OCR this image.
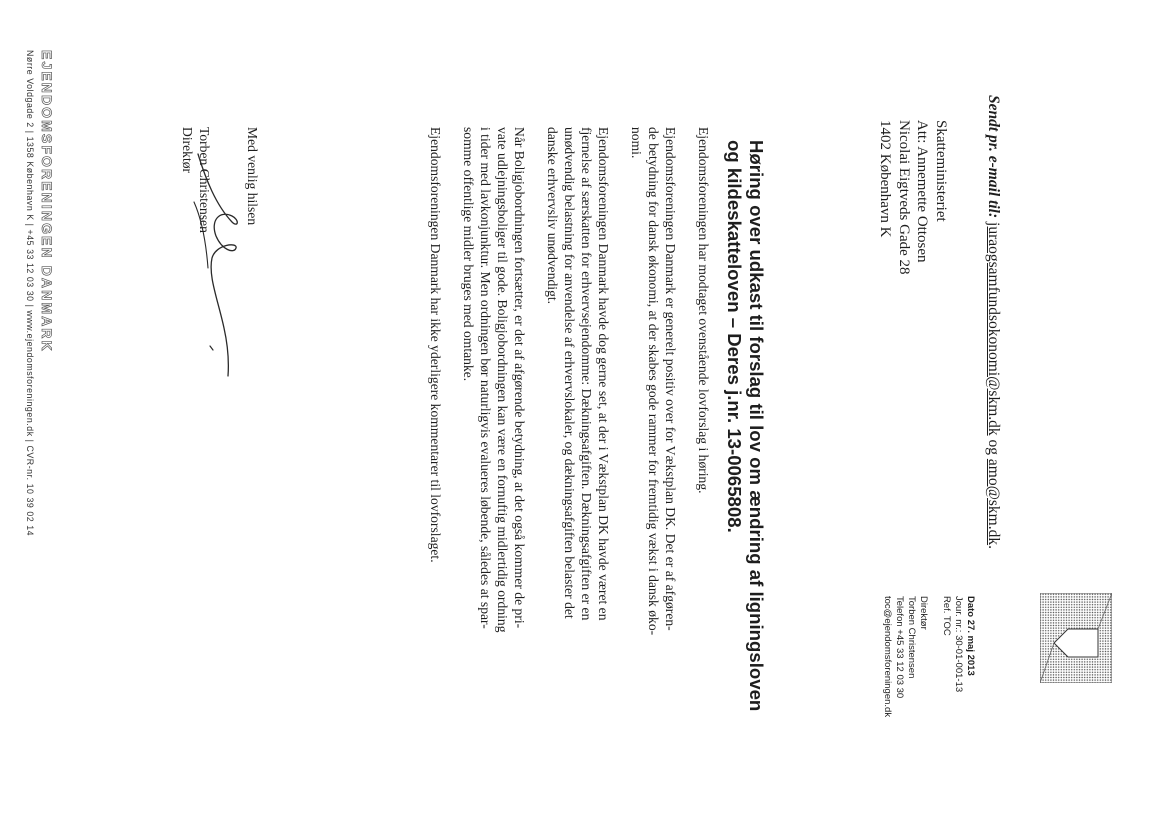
Sendt pr. e-mail til: juraogsamfundsokonomi@skm.dk og amo@skm.dk.
Dato 27. maj 2013
Jour. nr.: 30-01-001-13
Ref. TOC
Direktør
Torben Christensen
Telefon +45 33 12 03 30
toc@ejendomsforeningen.dk
Skatteministeriet
Att: Annemette Ottosen
Nicolai Eigtveds Gade 28
1402 København K
Høring over udkast til forslag til lov om ændring af ligningsloven
og kildeskatteloven – Deres j.nr. 13-0065808.

Ejendomsforeningen har modtaget ovenstående lovforslag i høring.

Ejendomsforeningen Danmark er generelt positiv over for Vækstplan DK. Det er af afgøren-
de betydning for dansk økonomi, at der skabes gode rammer for fremtidig vækst i dansk øko-
nomi.

Ejendomsforeningen Danmark havde dog gerne set, at der i Vækstplan DK havde været en
fjernelse af særskatten for erhvervsejendomme: Dækningsafgiften. Dækningsafgiften er en
unødvendig belastning for anvendelse af erhvervslokaler, og dækningsafgiften belaster det
danske erhvervsliv unødvendigt.

Når Boligjobordningen fortsætter, er det af afgørende betydning, at det også kommer de pri-
vate udlejningsboliger til gode. Boligjobordningen kan være en fornuftig midlertidig ordning
i tider med lavkonjunktur. Men ordningen bør naturligvis evalueres løbende, således at spar-
somme offentlige midler bruges med omtanke.

Ejendomsforeningen Danmark har ikke yderligere kommentarer til lovforslaget.

Med venlig hilsen
Torben Christensen
Direktør
EJENDOMSFORENINGEN DANMARK
Nørre Voldgade 2 | 1358 København K | +45 33 12 03 30 | www.ejendomsforeningen.dk | CVR-nr. 10 39 02 14
